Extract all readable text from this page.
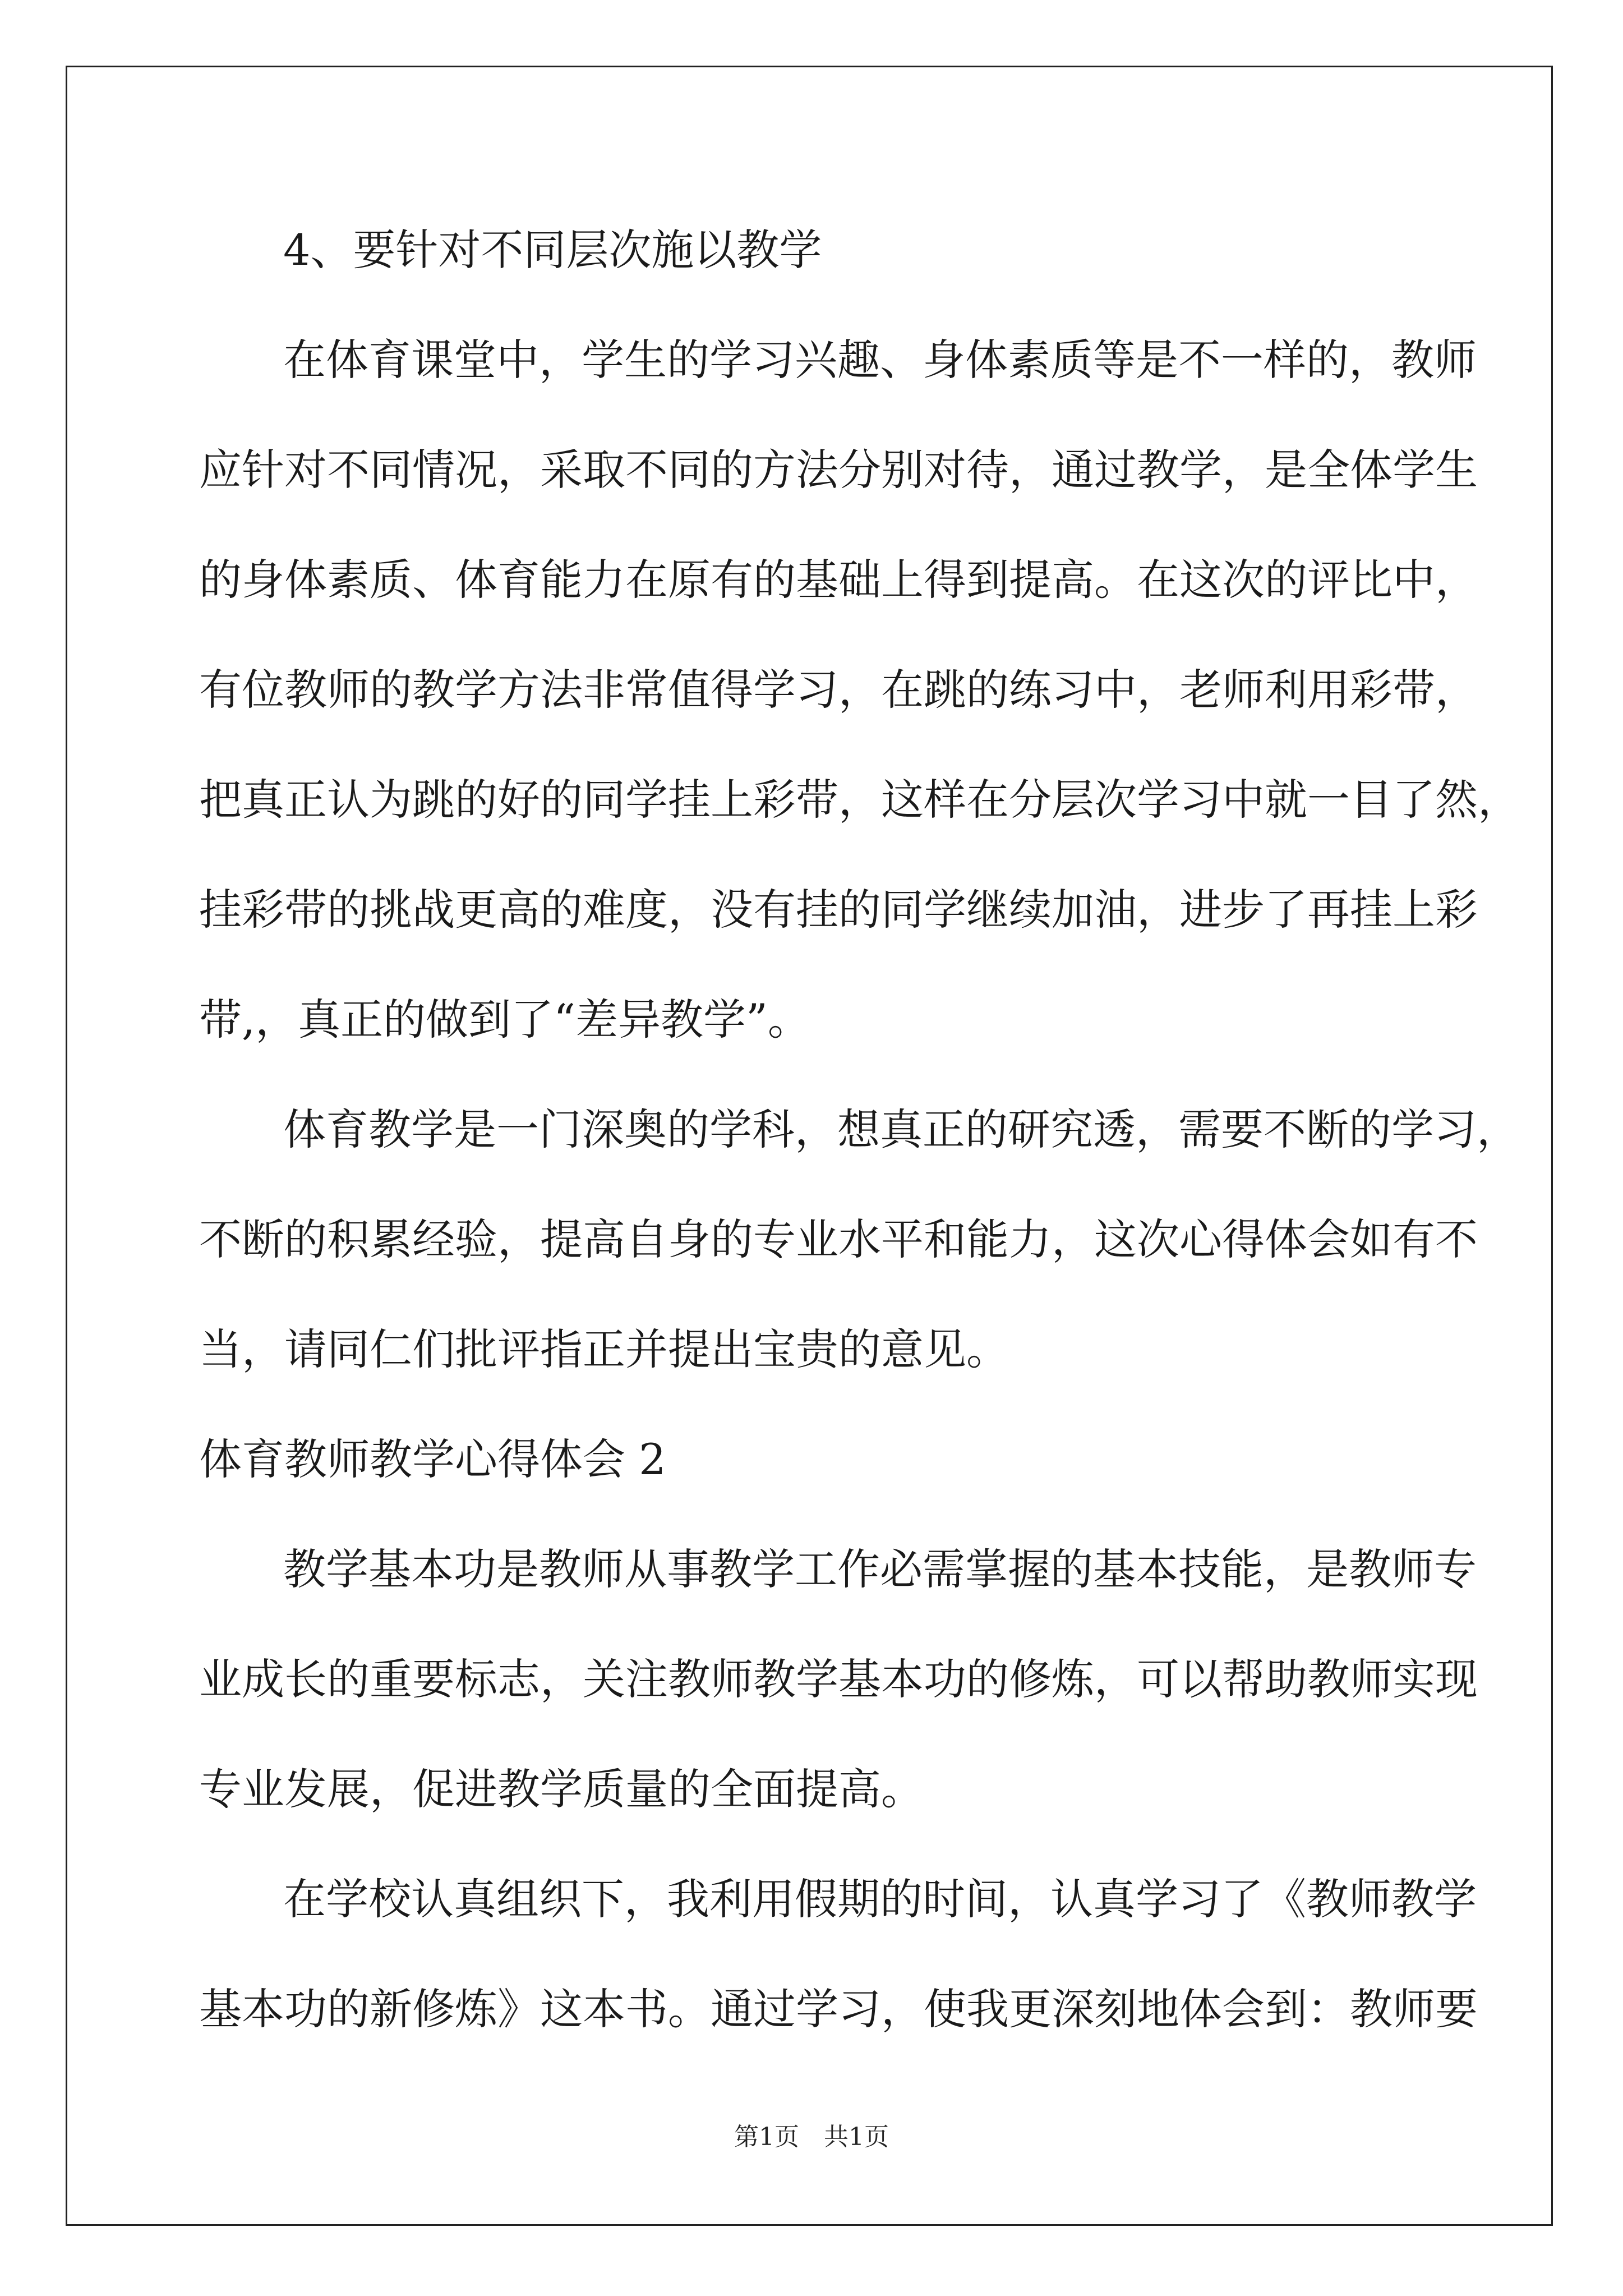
4、要针对不同层次施以教学

在体育课堂中，学生的学习兴趣、身体素质等是不一样的，教师

应针对不同情况，采取不同的方法分别对待，通过教学，是全体学生

的身体素质、体育能力在原有的基础上得到提高。在这次的评比中，

有位教师的教学方法非常值得学习，在跳的练习中，老师利用彩带，

把真正认为跳的好的同学挂上彩带，这样在分层次学习中就一目了然，

挂彩带的挑战更高的难度，没有挂的同学继续加油，进步了再挂上彩

带,，真正的做到了“差异教学”。

体育教学是一门深奥的学科，想真正的研究透，需要不断的学习，

不断的积累经验，提高自身的专业水平和能力，这次心得体会如有不

当，请同仁们批评指正并提出宝贵的意见。

体育教师教学心得体会 2

教学基本功是教师从事教学工作必需掌握的基本技能，是教师专

业成长的重要标志，关注教师教学基本功的修炼，可以帮助教师实现

专业发展，促进教学质量的全面提高。

在学校认真组织下，我利用假期的时间，认真学习了《教师教学

基本功的新修炼》这本书。通过学习，使我更深刻地体会到：教师要

第1页　共1页
